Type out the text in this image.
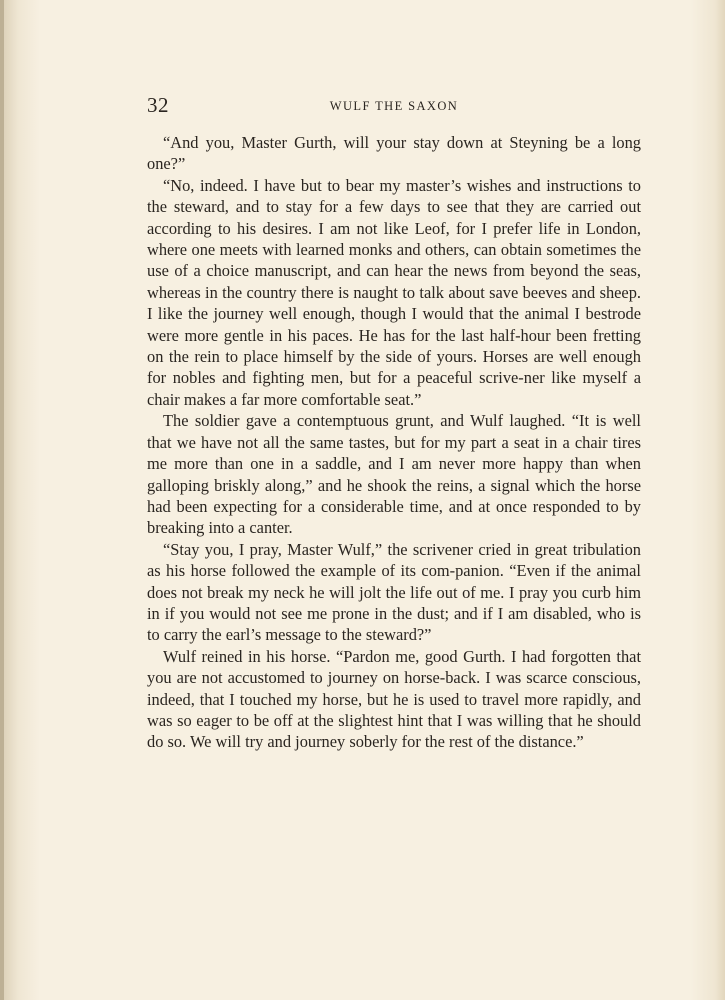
32	WULF THE SAXON

“And you, Master Gurth, will your stay down at Steyning be a long one?”

“No, indeed. I have but to bear my master’s wishes and instructions to the steward, and to stay for a few days to see that they are carried out according to his desires. I am not like Leof, for I prefer life in London, where one meets with learned monks and others, can obtain sometimes the use of a choice manuscript, and can hear the news from beyond the seas, whereas in the country there is naught to talk about save beeves and sheep. I like the journey well enough, though I would that the animal I bestrode were more gentle in his paces. He has for the last half-hour been fretting on the rein to place himself by the side of yours. Horses are well enough for nobles and fighting men, but for a peaceful scrive-ner like myself a chair makes a far more comfortable seat.”

The soldier gave a contemptuous grunt, and Wulf laughed. “It is well that we have not all the same tastes, but for my part a seat in a chair tires me more than one in a saddle, and I am never more happy than when galloping briskly along,” and he shook the reins, a signal which the horse had been expecting for a considerable time, and at once responded to by breaking into a canter.

“Stay you, I pray, Master Wulf,” the scrivener cried in great tribulation as his horse followed the example of its com-panion. “Even if the animal does not break my neck he will jolt the life out of me. I pray you curb him in if you would not see me prone in the dust; and if I am disabled, who is to carry the earl’s message to the steward?”

Wulf reined in his horse. “Pardon me, good Gurth. I had forgotten that you are not accustomed to journey on horse-back. I was scarce conscious, indeed, that I touched my horse, but he is used to travel more rapidly, and was so eager to be off at the slightest hint that I was willing that he should do so. We will try and journey soberly for the rest of the distance.”
